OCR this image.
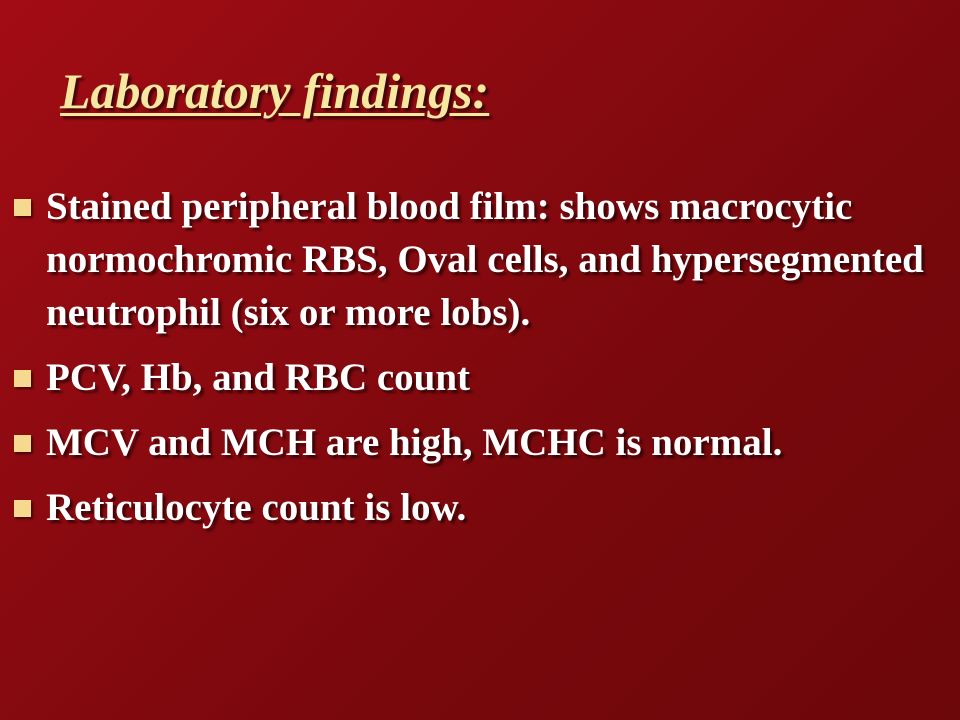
Laboratory findings:
Stained peripheral blood film: shows macrocytic normochromic RBS, Oval cells, and hypersegmented neutrophil (six or more lobs).
PCV, Hb, and RBC count
MCV and MCH are high, MCHC is normal.
Reticulocyte count is low.
